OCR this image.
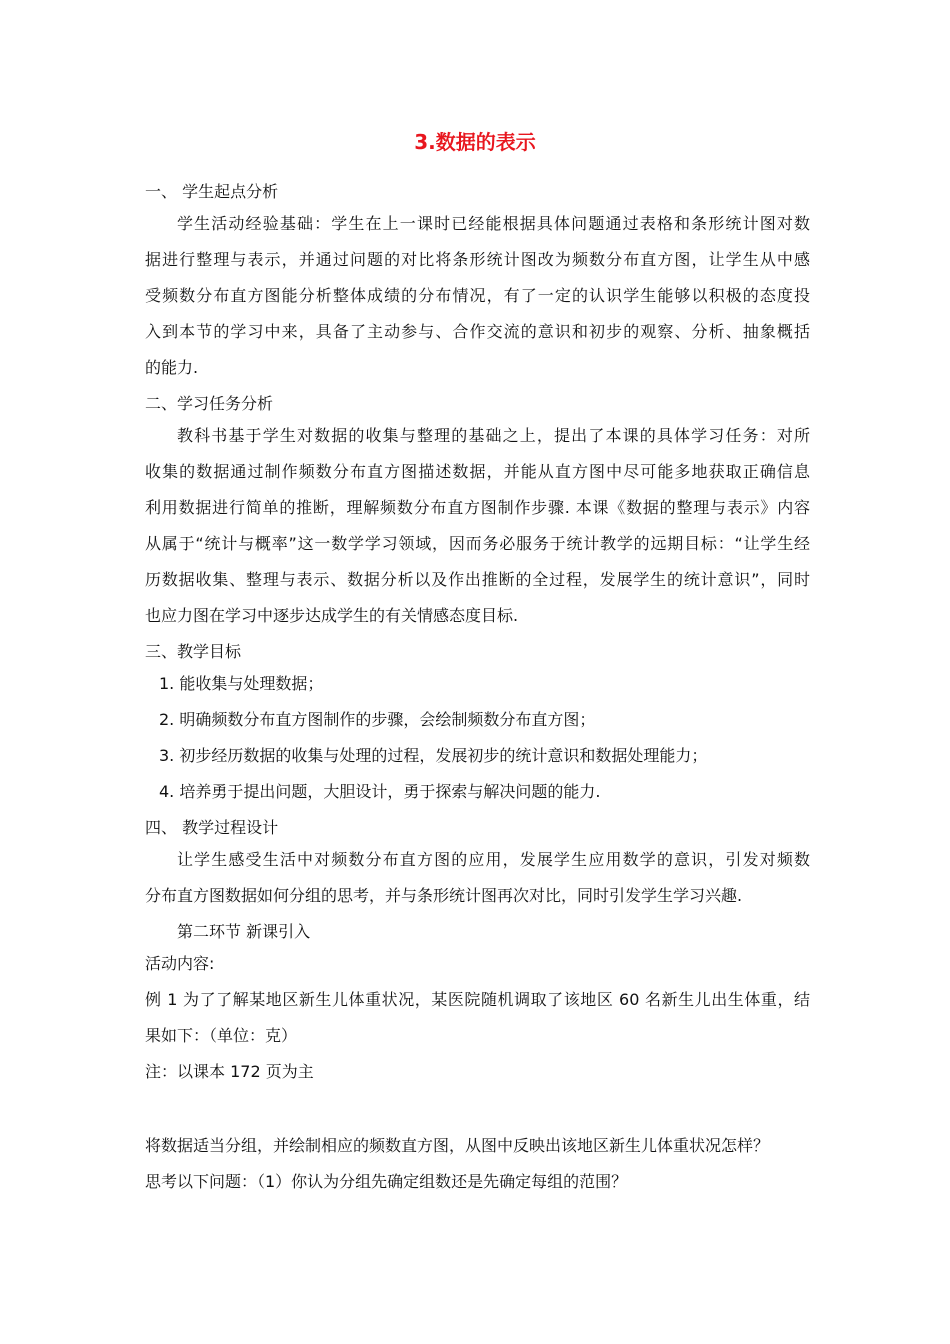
3.数据的表示
一、 学生起点分析
学生活动经验基础：学生在上一课时已经能根据具体问题通过表格和条形统计图对数
据进行整理与表示，并通过问题的对比将条形统计图改为频数分布直方图，让学生从中感
受频数分布直方图能分析整体成绩的分布情况，有了一定的认识学生能够以积极的态度投
入到本节的学习中来，具备了主动参与、合作交流的意识和初步的观察、分析、抽象概括
的能力.
二、学习任务分析
教科书基于学生对数据的收集与整理的基础之上，提出了本课的具体学习任务：对所
收集的数据通过制作频数分布直方图描述数据，并能从直方图中尽可能多地获取正确信息
利用数据进行简单的推断，理解频数分布直方图制作步骤. 本课《数据的整理与表示》内容
从属于“统计与概率”这一数学学习领域，因而务必服务于统计教学的远期目标：“让学生经
历数据收集、整理与表示、数据分析以及作出推断的全过程，发展学生的统计意识”，同时
也应力图在学习中逐步达成学生的有关情感态度目标.
三、教学目标
1. 能收集与处理数据；
2. 明确频数分布直方图制作的步骤，会绘制频数分布直方图；
3. 初步经历数据的收集与处理的过程，发展初步的统计意识和数据处理能力；
4. 培养勇于提出问题，大胆设计，勇于探索与解决问题的能力.
四、 教学过程设计
让学生感受生活中对频数分布直方图的应用，发展学生应用数学的意识，引发对频数
分布直方图数据如何分组的思考，并与条形统计图再次对比，同时引发学生学习兴趣.
第二环节 新课引入
活动内容:
例 1 为了了解某地区新生儿体重状况，某医院随机调取了该地区 60 名新生儿出生体重，结
果如下：（单位：克）
注：以课本 172 页为主
将数据适当分组，并绘制相应的频数直方图，从图中反映出该地区新生儿体重状况怎样？
思考以下问题：（1）你认为分组先确定组数还是先确定每组的范围？
